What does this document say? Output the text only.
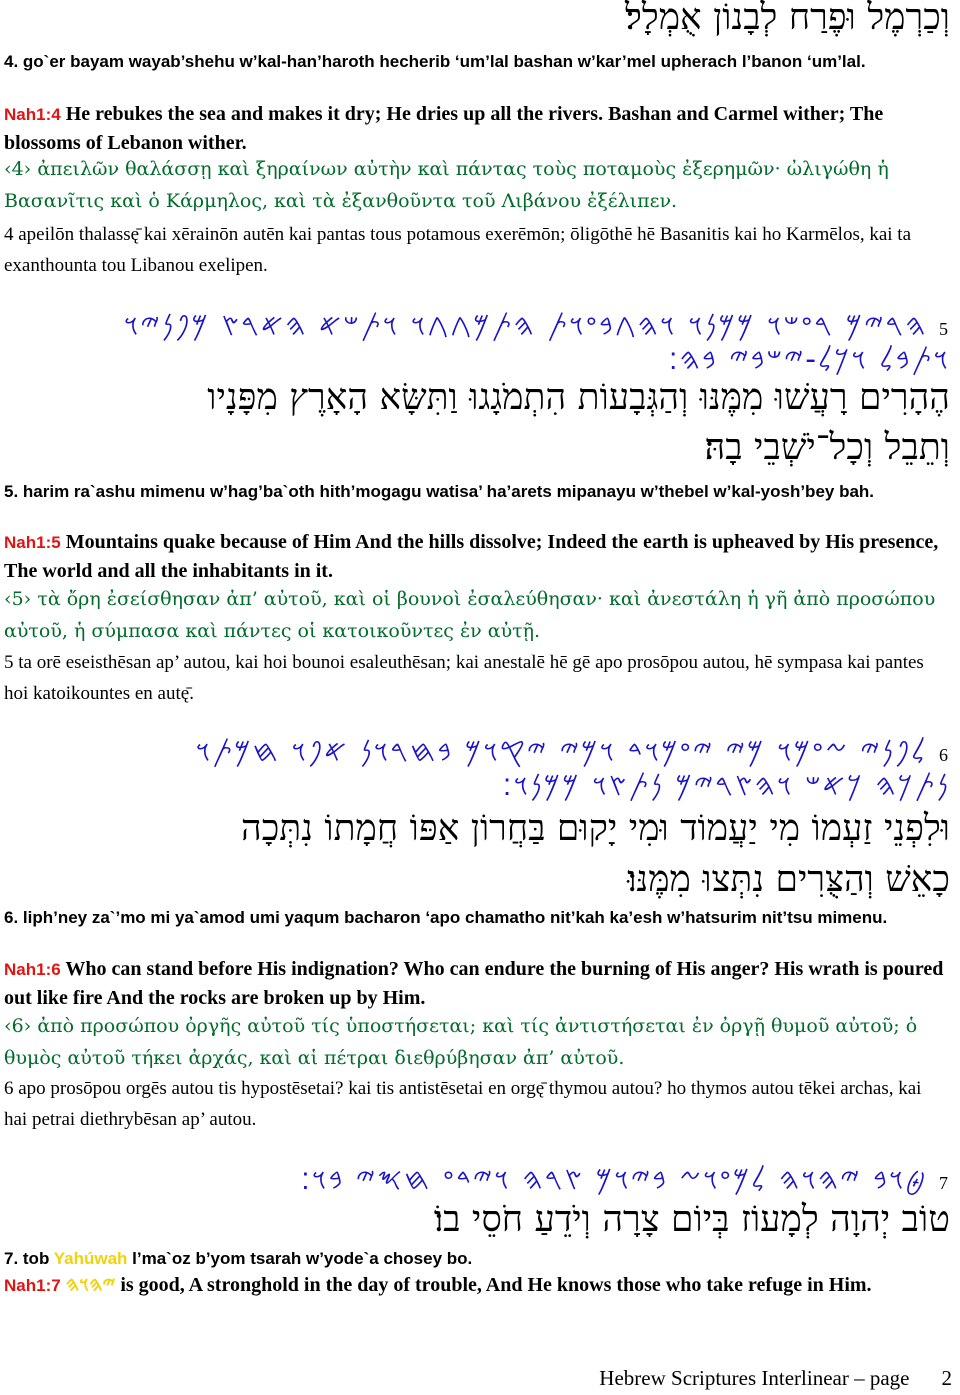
וְכַרְמֶל וּפֶרַח לְבָנוֹן אֻמְלָל׃
4. go`er bayam wayab’shehu w’kal-han’haroth hecherib ‘um’lal bashan w’kar’mel upherach l’banon ‘um’lal.
Nah1:4 He rebukes the sea and makes it dry; He dries up all the rivers. Bashan and Carmel wither; The blossoms of Lebanon wither.
‹4› ἀπειλῶν θαλάσσῃ καὶ ξηραίνων αὐτὴν καὶ πάντας τοὺς ποταμοὺς ἐξερημῶν· ὠλιγώθη ἡ Βασανῖτις καὶ ὁ Κάρμηλος, καὶ τὰ ἐξανθοῦντα τοῦ Λιβάνου ἐξέλιπεν.
4 apeilōn thalassę̄ kai xērainōn autēn kai pantas tous potamous exerēmōn; ōligōthē hē Basanitis kai ho Karmēlos, kai ta exanthounta tou Libanou exelipen.
5 𐤄𐤓𐤉𐤌 𐤓𐤏𐤔𐤅 𐤌𐤌𐤍𐤅 𐤅𐤄𐤂𐤁𐤏𐤅𐤕 𐤄𐤕𐤌𐤂𐤂𐤅 𐤅𐤕𐤔𐤀 𐤄𐤀𐤓𐤑 𐤌𐤐𐤍𐤉𐤅
𐤅𐤕𐤁𐤋 𐤅𐤊𐤋-𐤉𐤔𐤁𐤉 𐤁𐤄׃
הֶהָרִים רָעֲשׁוּ מִמֶּנּוּ וְהַגְּבָעוֹת הִתְמֹגָגוּ וַתִּשָּׂא הָאָרֶץ מִפָּנָיו
וְתֵבֵל וְכָל־יֹשְׁבֵי בָהּ׃
5. harim ra`ashu mimenu w’hag’ba`oth hith’mogagu watisa’ ha’arets mipanayu w’thebel w’kal-yosh’bey bah.
Nah1:5 Mountains quake because of Him And the hills dissolve; Indeed the earth is upheaved by His presence, The world and all the inhabitants in it.
‹5› τὰ ὄρη ἐσείσθησαν ἀπ’ αὐτοῦ, καὶ οἱ βουνοὶ ἐσαλεύθησαν· καὶ ἀνεστάλη ἡ γῆ ἀπὸ προσώπου αὐτοῦ, ἡ σύμπασα καὶ πάντες οἱ κατοικοῦντες ἐν αὐτῇ.
5 ta orē eseisthēsan ap’ autou, kai hoi bounoi esaleuthēsan; kai anestalē hē gē apo prosōpou autou, hē sympasa kai pantes hoi katoikountes en autę̄.
6 𐤋𐤐𐤍𐤉 𐤆𐤏𐤌𐤅 𐤌𐤉 𐤉𐤏𐤌𐤅𐤃 𐤅𐤌𐤉 𐤉𐤒𐤅𐤌 𐤁𐤇𐤓𐤅𐤍 𐤀𐤐𐤅 𐤇𐤌𐤕𐤅
𐤍𐤕𐤊𐤄 𐤊𐤀𐤔 𐤅𐤄𐤑𐤓𐤉𐤌 𐤍𐤕𐤑𐤅 𐤌𐤌𐤍𐤅׃
וּלִפְנֵי זַעְמוֹ מִי יַעֲמוֹד וּמִי יָקוּם בַּחֲרוֹן אַפּוֹ חֲמָתוֹ נִתְּכָה
כָאֵשׁ וְהַצֻּרִים נִתְּצוּ מִמֶּנּוּ׃
6. liph’ney za`’mo mi ya`amod umi yaqum bacharon ‘apo chamatho nit’kah ka’esh w’hatsurim nit’tsu mimenu.
Nah1:6 Who can stand before His indignation? Who can endure the burning of His anger? His wrath is poured out like fire And the rocks are broken up by Him.
‹6› ἀπὸ προσώπου ὀργῆς αὐτοῦ τίς ὑποστήσεται; καὶ τίς ἀντιστήσεται ἐν ὀργῇ θυμοῦ αὐτοῦ; ὁ θυμὸς αὐτοῦ τήκει ἀρχάς, καὶ αἱ πέτραι διεθρύβησαν ἀπ’ αὐτοῦ.
6 apo prosōpou orgēs autou tis hypostēsetai? kai tis antistēsetai en orgę̄ thymou autou? ho thymos autou tēkei archas, kai hai petrai diethrybēsan ap’ autou.
7 𐤈𐤅𐤁 𐤉𐤄𐤅𐤄 𐤋𐤌𐤏𐤅𐤆 𐤁𐤉𐤅𐤌 𐤑𐤓𐤄 𐤅𐤉𐤃𐤏 𐤇𐤎𐤉 𐤁𐤅׃
טוֹב יְהוָה לְמָעוֹז בְּיוֹם צָרָה וְיֹדֵעַ חֹסֵי בוֹ׃
7. tob Yahúwah l’ma`oz b’yom tsarah w’yode`a chosey bo.
Nah1:7 𐤉𐤄𐤅𐤄 is good, A stronghold in the day of trouble, And He knows those who take refuge in Him.
Hebrew Scriptures Interlinear – page 2
